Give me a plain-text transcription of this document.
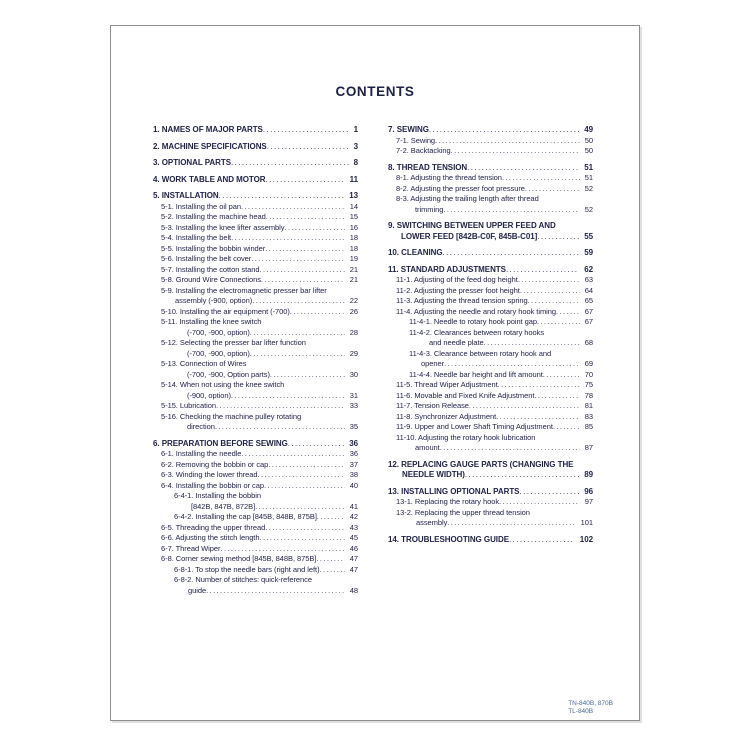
CONTENTS
1. NAMES OF MAJOR PARTS .....	1
2. MACHINE SPECIFICATIONS .....	3
3. OPTIONAL PARTS .....	8
4. WORK TABLE AND MOTOR .....	11
5. INSTALLATION .....	13
5-1. Installing the oil pan .....	14
5-2. Installing the machine head .....	15
5-3. Installing the knee lifter assembly .....	16
5-4. Installing the belt .....	18
5-5. Installing the bobbin winder .....	18
5-6. Installing the belt cover .....	19
5-7. Installing the cotton stand .....	21
5-8. Ground Wire Connections .....	21
5-9. Installing the electromagnetic presser bar lifter
assembly (-900, option) .....	22
5-10. Installing the air equipment (-700) .....	26
5-11. Installing the knee switch
(-700, -900, option) .....	28
5-12. Selecting the presser bar lifter function
(-700, -900, option) .....	29
5-13. Connection of Wires
(-700, -900, Option parts) .....	30
5-14. When not using the knee switch
(-900, option) .....	31
5-15. Lubrication .....	33
5-16. Checking the machine pulley rotating
direction .....	35
6. PREPARATION BEFORE SEWING .....	36
6-1. Installing the needle .....	36
6-2. Removing the bobbin or cap .....	37
6-3. Winding the lower thread .....	38
6-4. Installing the bobbin or cap .....	40
6-4-1. Installing the bobbin
[842B, 847B, 872B] .....	41
6-4-2. Installing the cap [845B, 848B, 875B] .....	42
6-5. Threading the upper thread .....	43
6-6. Adjusting the stitch length .....	45
6-7. Thread Wiper .....	46
6-8. Corner sewing method [845B, 848B, 875B] .....	47
6-8-1. To stop the needle bars (right and left) .....	47
6-8-2. Number of stitches: quick-reference
guide .....	48
7. SEWING .....	49
7-1. Sewing .....	50
7-2. Backtacking .....	50
8. THREAD TENSION .....	51
8-1. Adjusting the thread tension .....	51
8-2. Adjusting the presser foot pressure .....	52
8-3. Adjusting the trailing length after thread
trimming .....	52
9. SWITCHING BETWEEN UPPER FEED AND
LOWER FEED [842B-C0F, 845B-C01] .....	55
10. CLEANING .....	59
11. STANDARD ADJUSTMENTS .....	62
11-1. Adjusting of the feed dog height .....	63
11-2. Adjusting the presser foot height .....	64
11-3. Adjusting the thread tension spring .....	65
11-4. Adjusting the needle and rotary hook timing .....	67
11-4-1. Needle to rotary hook point gap .....	67
11-4-2. Clearances between rotary hooks
and needle plate .....	68
11-4-3. Clearance between rotary hook and
opener .....	69
11-4-4. Needle bar height and lift amount .....	70
11-5. Thread Wiper Adjustment .....	75
11-6. Movable and Fixed Knife Adjustment .....	78
11-7. Tension Release .....	81
11-8. Synchronizer Adjustment .....	83
11-9. Upper and Lower Shaft Timing Adjustment .....	85
11-10. Adjusting the rotary hook lubrication
amount .....	87
12. REPLACING GAUGE PARTS (CHANGING THE
NEEDLE WIDTH) .....	89
13. INSTALLING OPTIONAL PARTS .....	96
13-1. Replacing the rotary hook .....	97
13-2. Replacing the upper thread tension
assembly .....	101
14. TROUBLESHOOTING GUIDE .....	102
TN-840B, 870B
TL-840B
